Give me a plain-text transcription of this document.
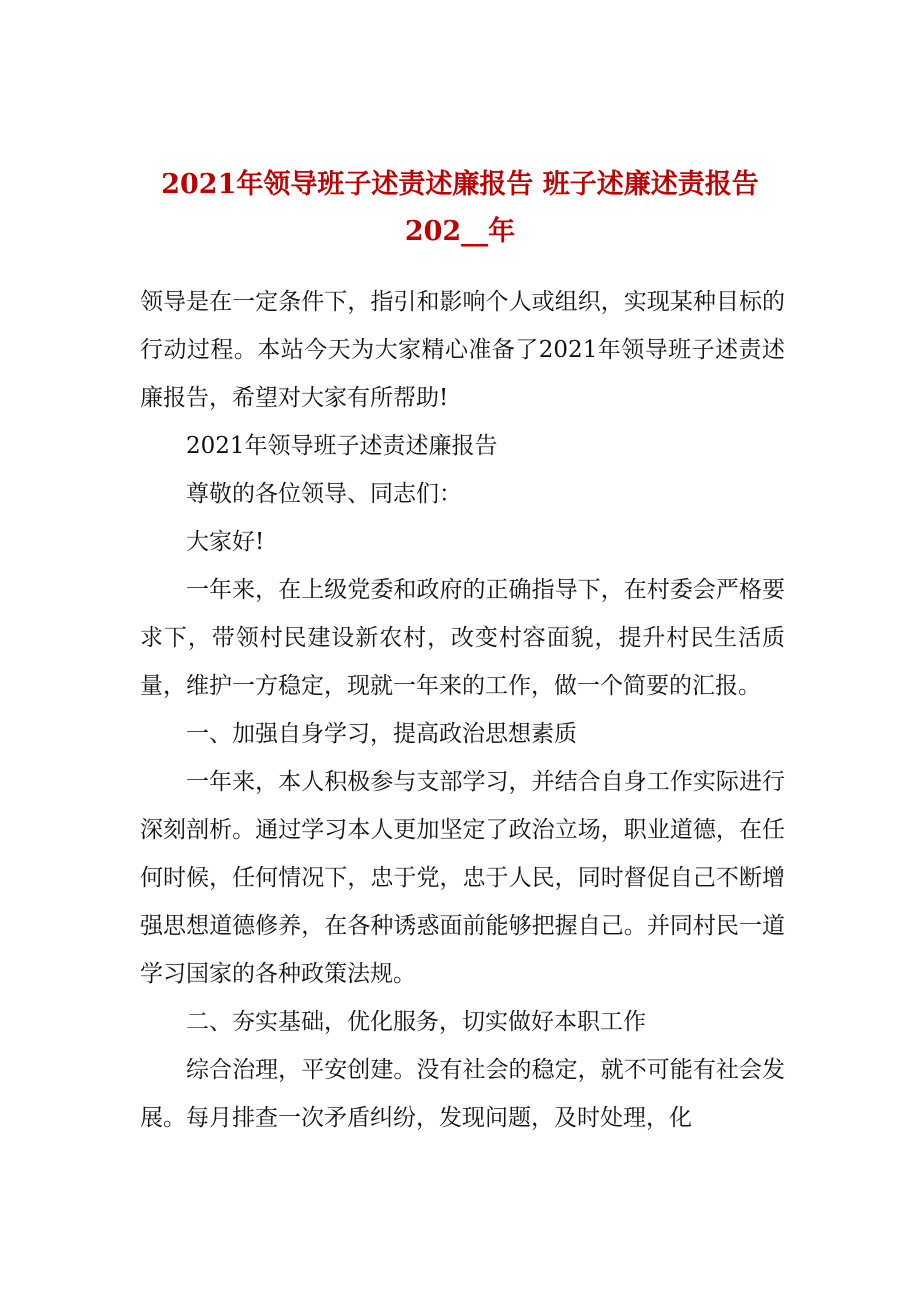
2021年领导班子述责述廉报告 班子述廉述责报告
202__年

领导是在一定条件下，指引和影响个人或组织，实现某种目标的行动过程。本站今天为大家精心准备了2021年领导班子述责述廉报告，希望对大家有所帮助!

2021年领导班子述责述廉报告

尊敬的各位领导、同志们：

大家好!

一年来，在上级党委和政府的正确指导下，在村委会严格要求下，带领村民建设新农村，改变村容面貌，提升村民生活质量，维护一方稳定，现就一年来的工作，做一个简要的汇报。

一、加强自身学习，提高政治思想素质

一年来，本人积极参与支部学习，并结合自身工作实际进行深刻剖析。通过学习本人更加坚定了政治立场，职业道德，在任何时候，任何情况下，忠于党，忠于人民，同时督促自己不断增强思想道德修养，在各种诱惑面前能够把握自己。并同村民一道学习国家的各种政策法规。

二、夯实基础，优化服务，切实做好本职工作

综合治理，平安创建。没有社会的稳定，就不可能有社会发展。每月排查一次矛盾纠纷，发现问题，及时处理，化
